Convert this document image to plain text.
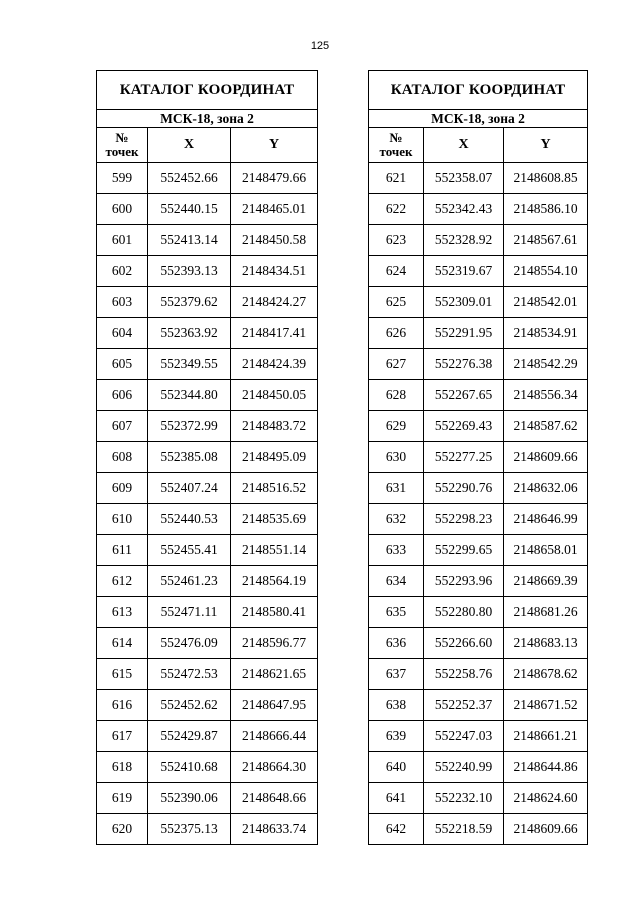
125
КАТАЛОГ КООРДИНАТ		
МСК-18, зона 2		
№
точек	X	Y
599	552452.66	2148479.66
600	552440.15	2148465.01
601	552413.14	2148450.58
602	552393.13	2148434.51
603	552379.62	2148424.27
604	552363.92	2148417.41
605	552349.55	2148424.39
606	552344.80	2148450.05
607	552372.99	2148483.72
608	552385.08	2148495.09
609	552407.24	2148516.52
610	552440.53	2148535.69
611	552455.41	2148551.14
612	552461.23	2148564.19
613	552471.11	2148580.41
614	552476.09	2148596.77
615	552472.53	2148621.65
616	552452.62	2148647.95
617	552429.87	2148666.44
618	552410.68	2148664.30
619	552390.06	2148648.66
620	552375.13	2148633.74
КАТАЛОГ КООРДИНАТ		
МСК-18, зона 2		
№
точек	X	Y
621	552358.07	2148608.85
622	552342.43	2148586.10
623	552328.92	2148567.61
624	552319.67	2148554.10
625	552309.01	2148542.01
626	552291.95	2148534.91
627	552276.38	2148542.29
628	552267.65	2148556.34
629	552269.43	2148587.62
630	552277.25	2148609.66
631	552290.76	2148632.06
632	552298.23	2148646.99
633	552299.65	2148658.01
634	552293.96	2148669.39
635	552280.80	2148681.26
636	552266.60	2148683.13
637	552258.76	2148678.62
638	552252.37	2148671.52
639	552247.03	2148661.21
640	552240.99	2148644.86
641	552232.10	2148624.60
642	552218.59	2148609.66
